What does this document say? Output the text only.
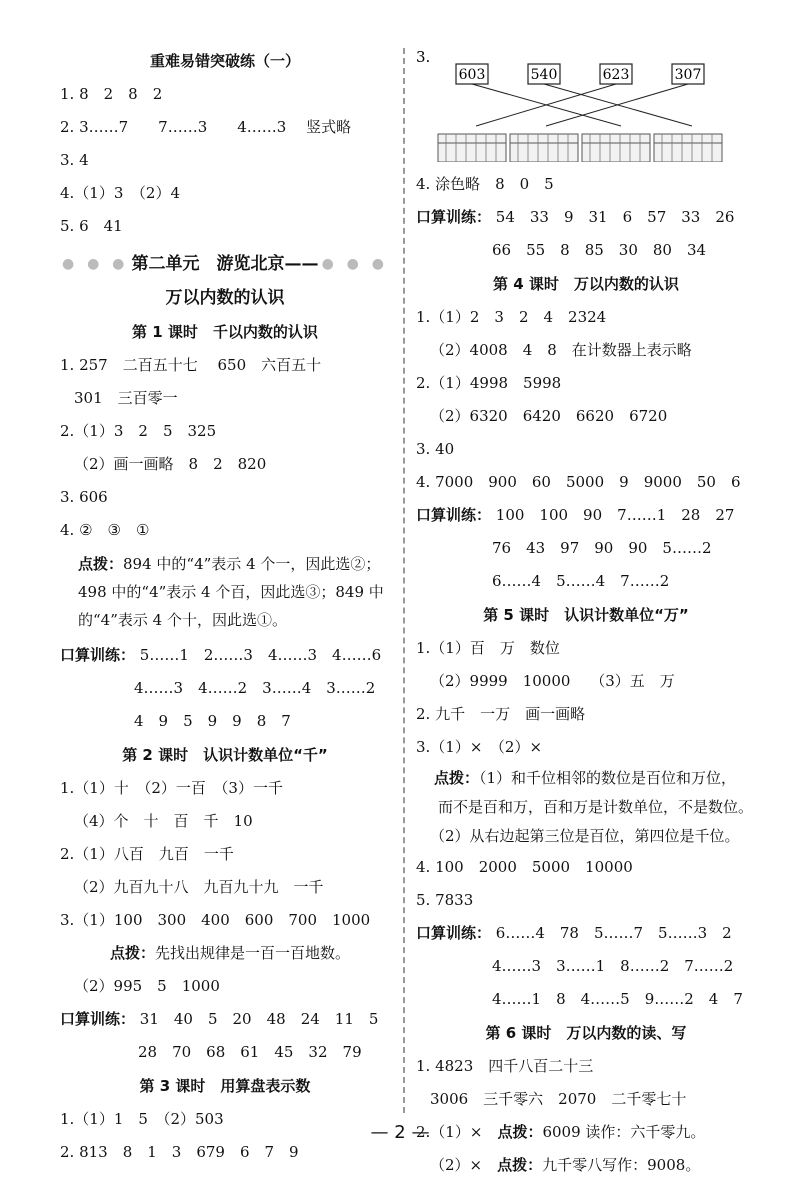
重难易错突破练（一）
1. 8　2　8　2
2. 3……7　　7……3　　4……3　 竖式略
3. 4
4.（1）3　（2）4
5. 6　41
● ● ● 第二单元　游览北京—— ● ● ●
万以内数的认识
第 1 课时　千以内数的认识
1. 257　二百五十七　 650　六百五十
301　三百零一
2.（1）3　2　5　325
（2）画一画略　8　2　820
3. 606
4. ②　③　①
点拨：894 中的“4”表示 4 个一，因此选②；498 中的“4”表示 4 个百，因此选③；849 中的“4”表示 4 个十，因此选①。
口算训练： 5……1　2……3　4……3　4……6
4……3　4……2　3……4　3……2
4　9　5　9　9　8　7
第 2 课时　认识计数单位“千”
1.（1）十　（2）一百　（3）一千
（4）个　十　百　千　10
2.（1）八百　九百　一千
（2）九百九十八　九百九十九　一千
3.（1）100　300　400　600　700　1000
点拨：先找出规律是一百一百地数。
（2）995　5　1000
口算训练： 31　40　5　20　48　24　11　5
28　70　68　61　45　32　79
第 3 课时　用算盘表示数
1.（1）1　5　（2）503
2. 813　8　1　3　679　6　7　9
3.
603	540	623	307
4. 涂色略　8　0　5
口算训练： 54　33　9　31　6　57　33　26
66　55　8　85　30　80　34
第 4 课时　万以内数的认识
1.（1）2　3　2　4　2324
（2）4008　4　8　在计数器上表示略
2.（1）4998　5998
（2）6320　6420　6620　6720
3. 40
4. 7000　900　60　5000　9　9000　50　6
口算训练： 100　100　90　7……1　28　27
76　43　97　90　90　5……2
6……4　5……4　7……2
第 5 课时　认识计数单位“万”
1.（1）百　万　数位
（2）9999　10000　 （3）五　万
2. 九千　一万　画一画略
3.（1）×　（2）×
点拨：（1）和千位相邻的数位是百位和万位，
而不是百和万，百和万是计数单位，不是数位。
（2）从右边起第三位是百位，第四位是千位。
4. 100　2000　5000　10000
5. 7833
口算训练： 6……4　78　5……7　5……3　2
4……3　3……1　8……2　7……2
4……1　8　4……5　9……2　4　7
第 6 课时　万以内数的读、写
1. 4823　四千八百二十三
3006　三千零六　2070　二千零七十
2.（1）×　点拨：6009 读作：六千零九。
（2）×　点拨：九千零八写作：9008。
— 2 —
